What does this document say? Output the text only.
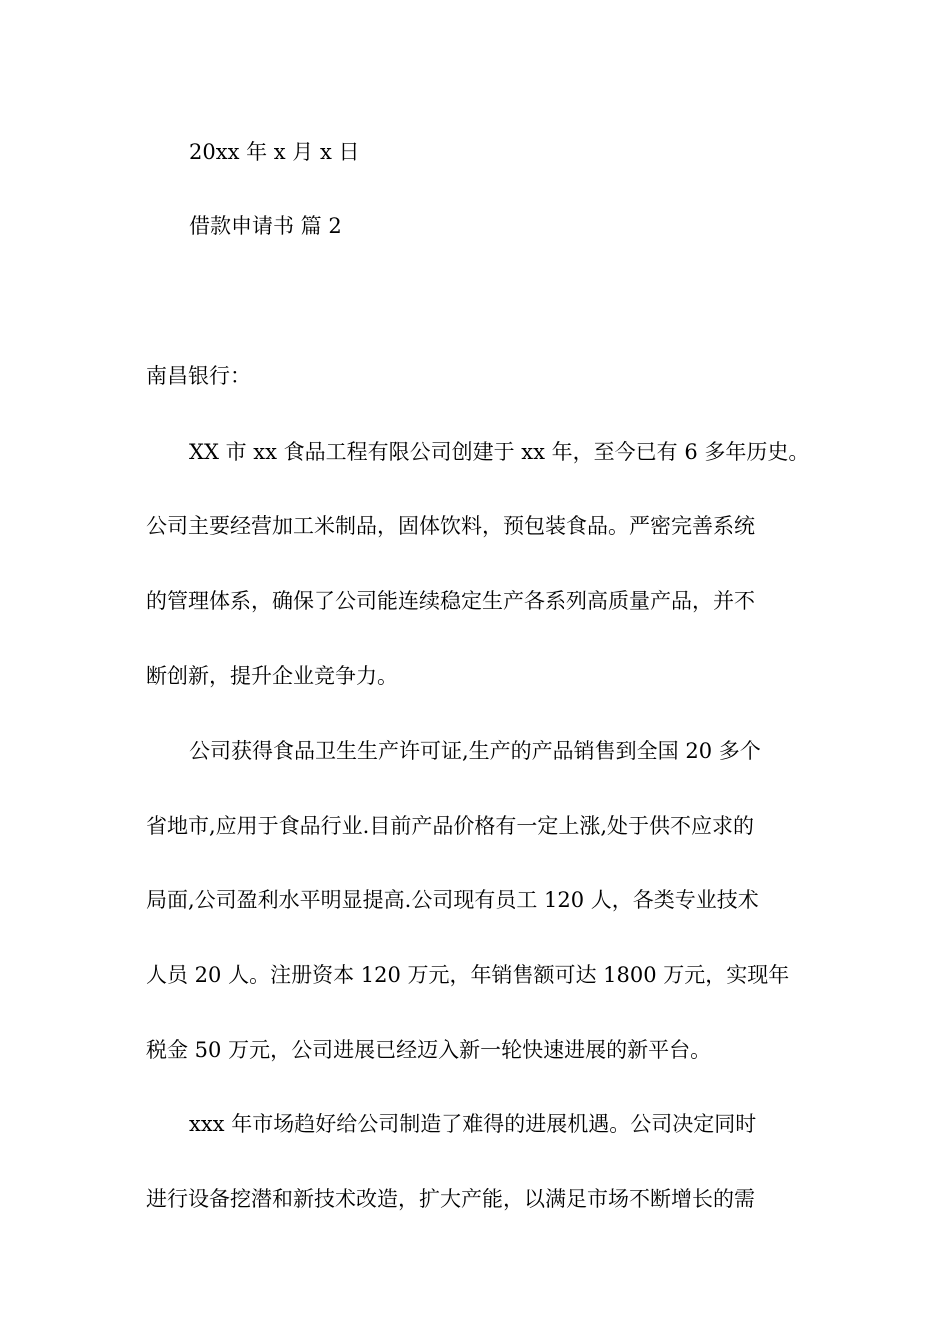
20xx 年 x 月 x 日
借款申请书 篇 2
南昌银行：
XX 市 xx 食品工程有限公司创建于 xx 年，至今已有 6 多年历史。
公司主要经营加工米制品，固体饮料，预包装食品。严密完善系统
的管理体系，确保了公司能连续稳定生产各系列高质量产品，并不
断创新，提升企业竞争力。
公司获得食品卫生生产许可证,生产的产品销售到全国 20 多个
省地市,应用于食品行业.目前产品价格有一定上涨,处于供不应求的
局面,公司盈利水平明显提高.公司现有员工 120 人，各类专业技术
人员 20 人。注册资本 120 万元，年销售额可达 1800 万元，实现年
税金 50 万元，公司进展已经迈入新一轮快速进展的新平台。
xxx 年市场趋好给公司制造了难得的进展机遇。公司决定同时
进行设备挖潜和新技术改造，扩大产能，以满足市场不断增长的需
